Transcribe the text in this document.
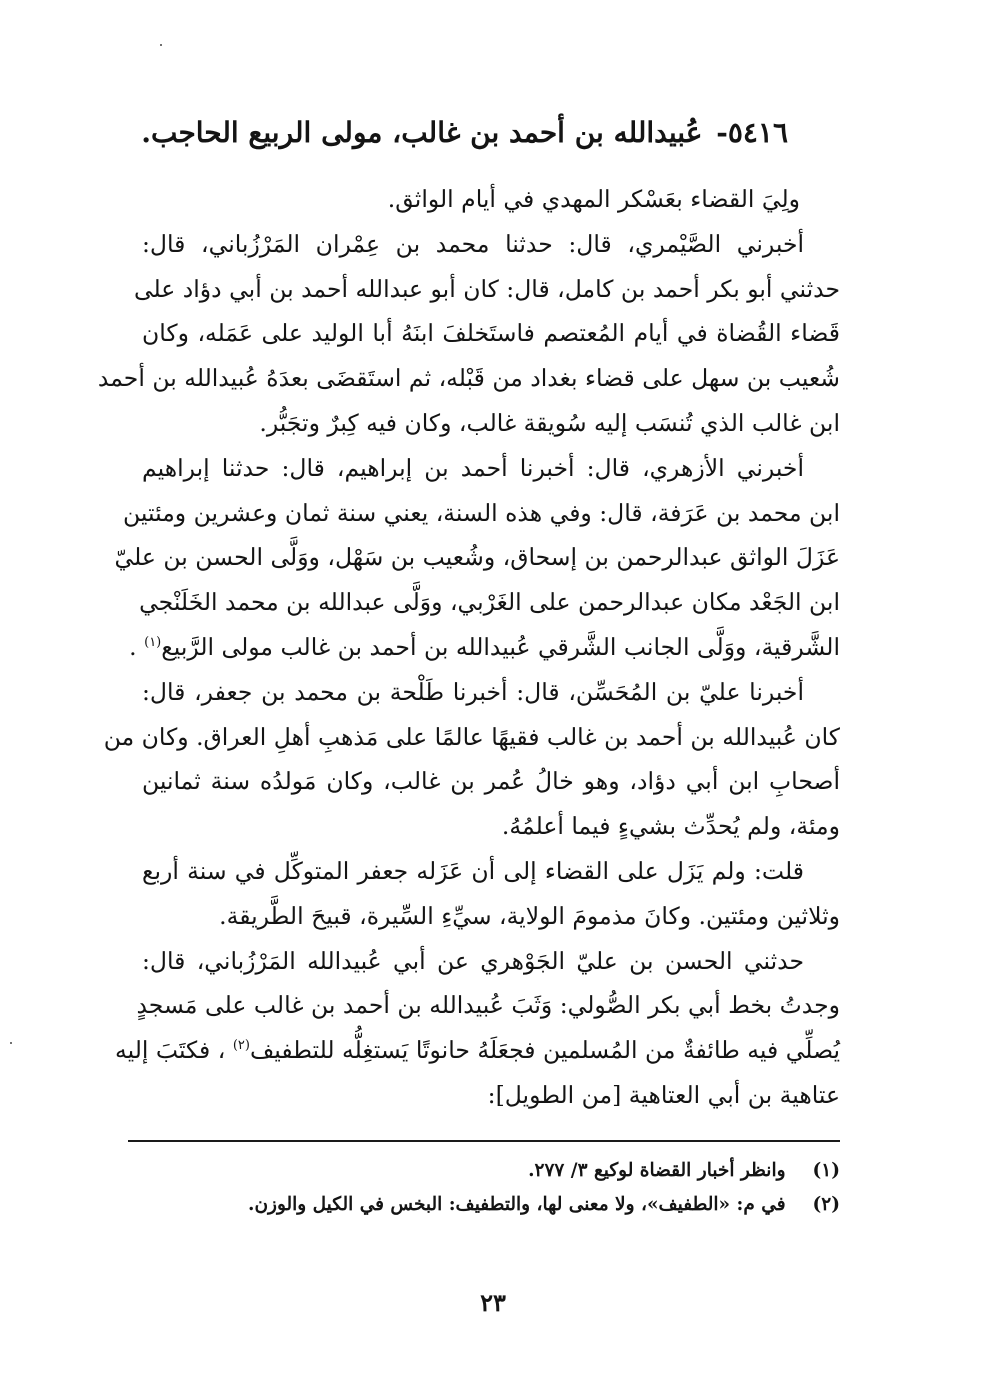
٥٤١٦- عُبيدالله بن أحمد بن غالب، مولى الربيع الحاجب.

ولِيَ القضاء بعَسْكر المهدي في أيام الواثق.

أخبرني الصَّيْمري، قال: حدثنا محمد بن عِمْران المَرْزُباني، قال:
حدثني أبو بكر أحمد بن كامل، قال: كان أبو عبدالله أحمد بن أبي دؤاد على
قَضاء القُضاة في أيام المُعتصم فاستَخلفَ ابنَهُ أبا الوليد على عَمَله، وكان
شُعيب بن سهل على قضاء بغداد من قَبْله، ثم استَقضَى بعدَهُ عُبيدالله بن أحمد
ابن غالب الذي تُنسَب إليه سُويقة غالب، وكان فيه كِبرٌ وتجَبُّر.

أخبرني الأزهري، قال: أخبرنا أحمد بن إبراهيم، قال: حدثنا إبراهيم
ابن محمد بن عَرَفة، قال: وفي هذه السنة، يعني سنة ثمان وعشرين ومئتين
عَزَلَ الواثق عبدالرحمن بن إسحاق، وشُعيب بن سَهْل، ووَلَّى الحسن بن عليّ
ابن الجَعْد مكان عبدالرحمن على الغَرْبي، ووَلَّى عبدالله بن محمد الخَلَنْجي
الشَّرقية، ووَلَّى الجانب الشَّرقي عُبيدالله بن أحمد بن غالب مولى الرَّبيع$^{(١)}$ .

أخبرنا عليّ بن المُحَسِّن، قال: أخبرنا طَلْحة بن محمد بن جعفر، قال:
كان عُبيدالله بن أحمد بن غالب فقيهًا عالمًا على مَذهبِ أهلِ العراق. وكان من
أصحابِ ابن أبي دؤاد، وهو خالُ عُمر بن غالب، وكان مَولدُه سنة ثمانين
ومئة، ولم يُحدِّث بشيءٍ فيما أعلمُهُ.

قلت: ولم يَزَل على القضاء إلى أن عَزَله جعفر المتوكِّل في سنة أربع
وثلاثين ومئتين. وكانَ مذمومَ الولاية، سيِّءِ السِّيرة، قبيحَ الطَّريقة.

حدثني الحسن بن عليّ الجَوْهري عن أبي عُبيدالله المَرْزُباني، قال:
وجدتُ بخط أبي بكر الصُّولي: وَثَبَ عُبيدالله بن أحمد بن غالب على مَسجدٍ
يُصلِّي فيه طائفةٌ من المُسلمين فجعَلَهُ حانوتًا يَستغِلُّه للتطفيف$^{(٢)}$ ، فكتَبَ إليه
عتاهية بن أبي العتاهية [من الطويل]:

(١) وانظر أخبار القضاة لوكيع ٣/ ٢٧٧.
(٢) في م: «الطفيف»، ولا معنى لها، والتطفيف: البخس في الكيل والوزن.
٢٣
